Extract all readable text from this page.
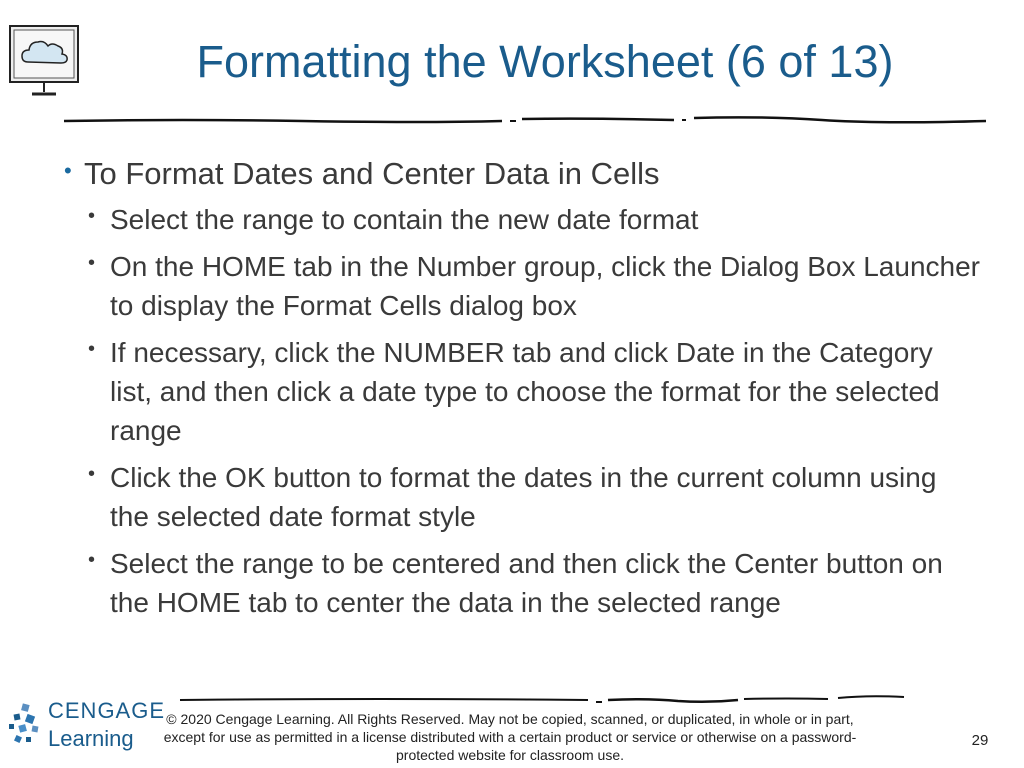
Formatting the Worksheet (6 of 13)
• To Format Dates and Center Data in Cells
• Select the range to contain the new date format
• On the HOME tab in the Number group, click the Dialog Box Launcher to display the Format Cells dialog box
• If necessary, click the NUMBER tab and click Date in the Category list, and then click a date type to choose the format for the selected range
• Click the OK button to format the dates in the current column using the selected date format style
• Select the range to be centered and then click the Center button on the HOME tab to center the data in the selected range
CENGAGE
Learning
© 2020 Cengage Learning. All Rights Reserved. May not be copied, scanned, or duplicated, in whole or in part, except for use as permitted in a license distributed with a certain product or service or otherwise on a password-protected website for classroom use.
29
